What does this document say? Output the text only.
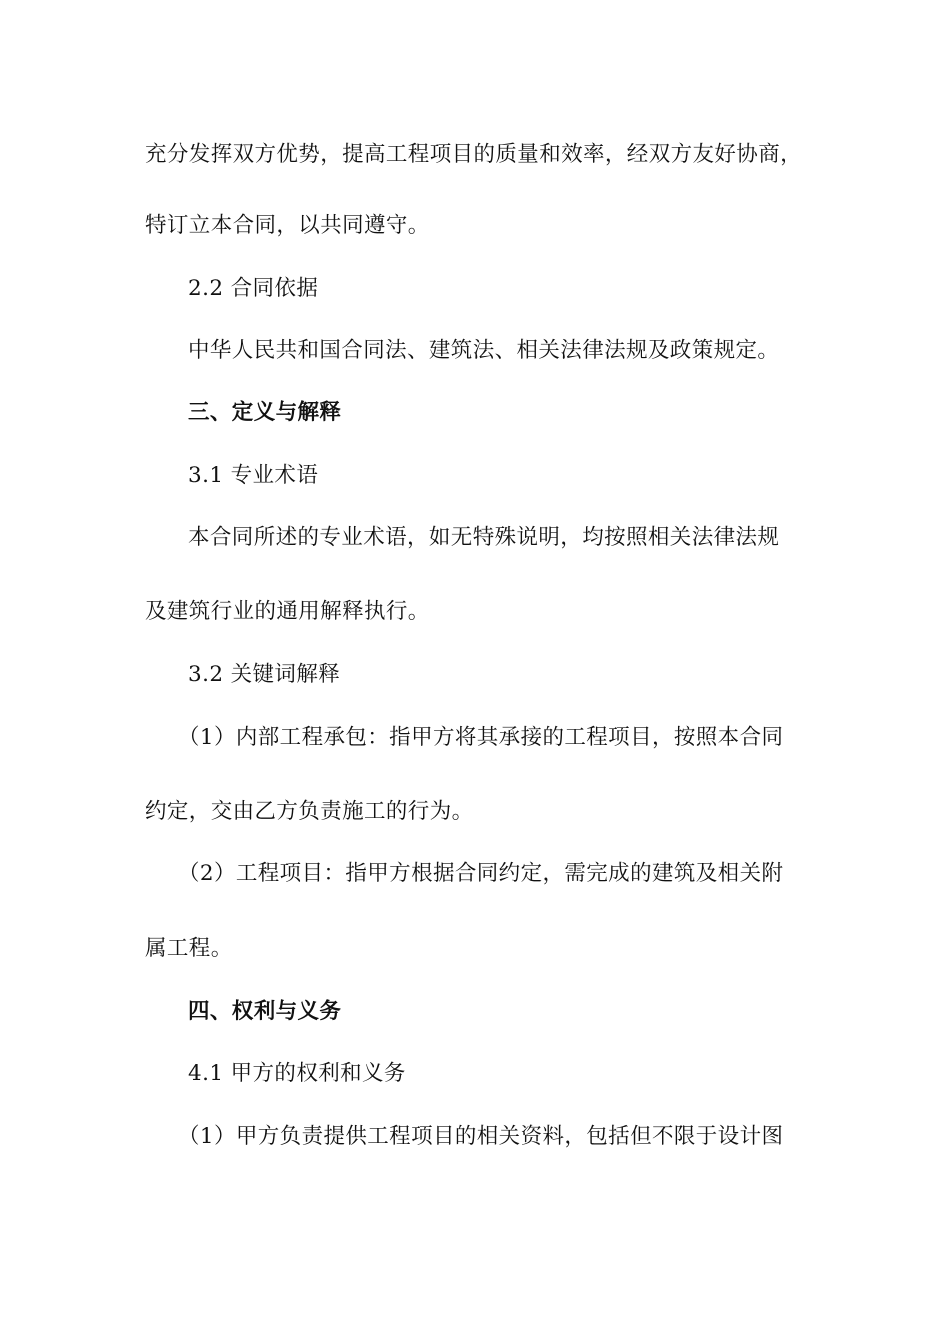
充分发挥双方优势，提高工程项目的质量和效率，经双方友好协商，
特订立本合同，以共同遵守。
2.2 合同依据
中华人民共和国合同法、建筑法、相关法律法规及政策规定。
三、定义与解释
3.1 专业术语
本合同所述的专业术语，如无特殊说明，均按照相关法律法规
及建筑行业的通用解释执行。
3.2 关键词解释
（1）内部工程承包：指甲方将其承接的工程项目，按照本合同
约定，交由乙方负责施工的行为。
（2）工程项目：指甲方根据合同约定，需完成的建筑及相关附
属工程。
四、权利与义务
4.1 甲方的权利和义务
（1）甲方负责提供工程项目的相关资料，包括但不限于设计图
